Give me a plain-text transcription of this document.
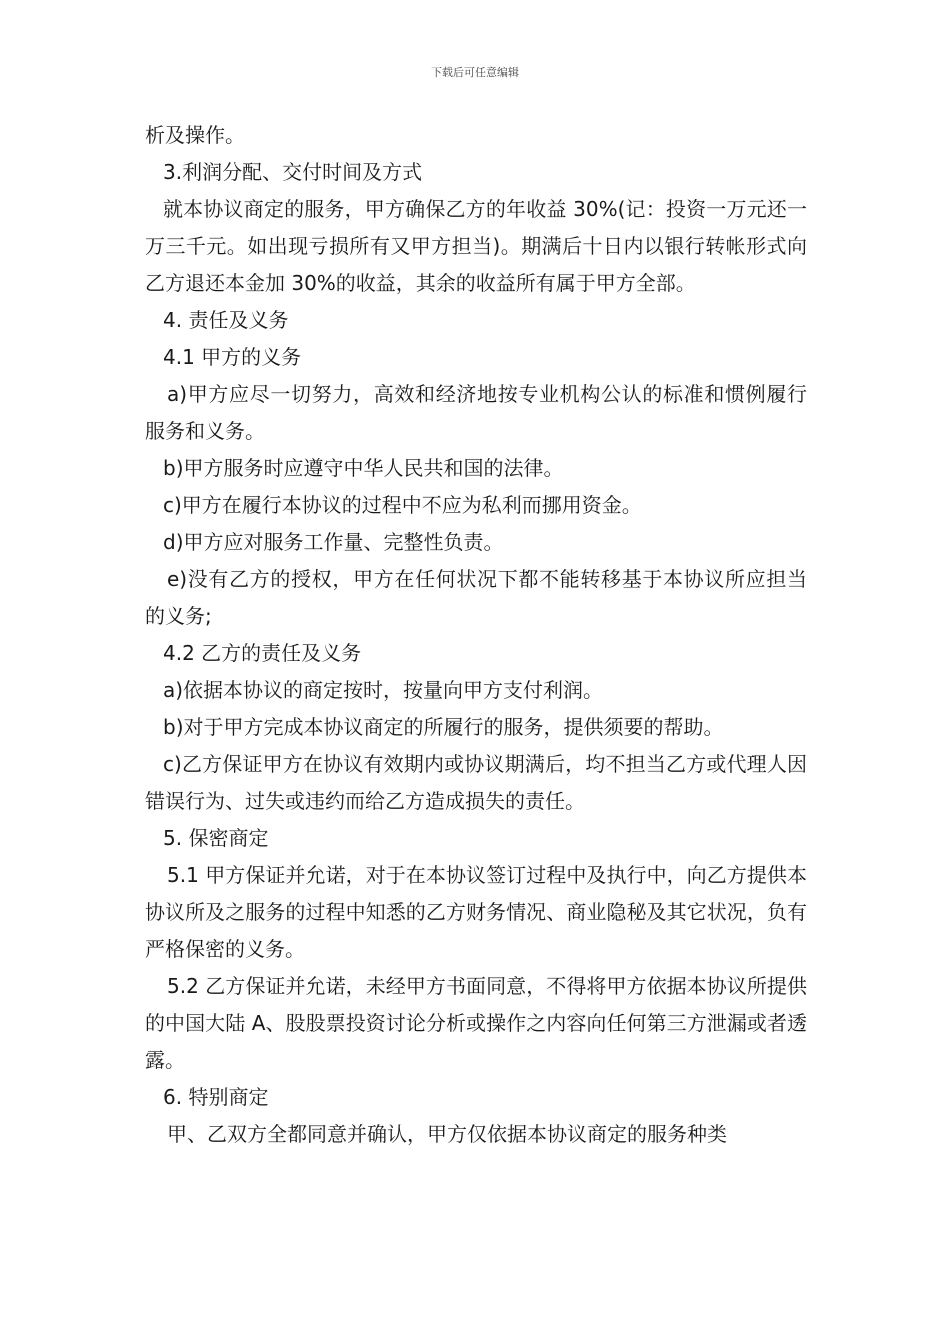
下载后可任意编辑
析及操作。
3.利润分配、交付时间及方式
就本协议商定的服务，甲方确保乙方的年收益 30%(记：投资一万元还一万三千元。如出现亏损所有又甲方担当)。期满后十日内以银行转帐形式向乙方退还本金加 30%的收益，其余的收益所有属于甲方全部。
4. 责任及义务
4.1 甲方的义务
a)甲方应尽一切努力，高效和经济地按专业机构公认的标准和惯例履行服务和义务。
b)甲方服务时应遵守中华人民共和国的法律。
c)甲方在履行本协议的过程中不应为私利而挪用资金。
d)甲方应对服务工作量、完整性负责。
e)没有乙方的授权，甲方在任何状况下都不能转移基于本协议所应担当的义务;
4.2 乙方的责任及义务
a)依据本协议的商定按时，按量向甲方支付利润。
b)对于甲方完成本协议商定的所履行的服务，提供须要的帮助。
c)乙方保证甲方在协议有效期内或协议期满后，均不担当乙方或代理人因错误行为、过失或违约而给乙方造成损失的责任。
5. 保密商定
5.1 甲方保证并允诺，对于在本协议签订过程中及执行中，向乙方提供本协议所及之服务的过程中知悉的乙方财务情况、商业隐秘及其它状况，负有严格保密的义务。
5.2 乙方保证并允诺，未经甲方书面同意，不得将甲方依据本协议所提供的中国大陆 A、股股票投资讨论分析或操作之内容向任何第三方泄漏或者透露。
6. 特别商定
甲、乙双方全都同意并确认，甲方仅依据本协议商定的服务种类
